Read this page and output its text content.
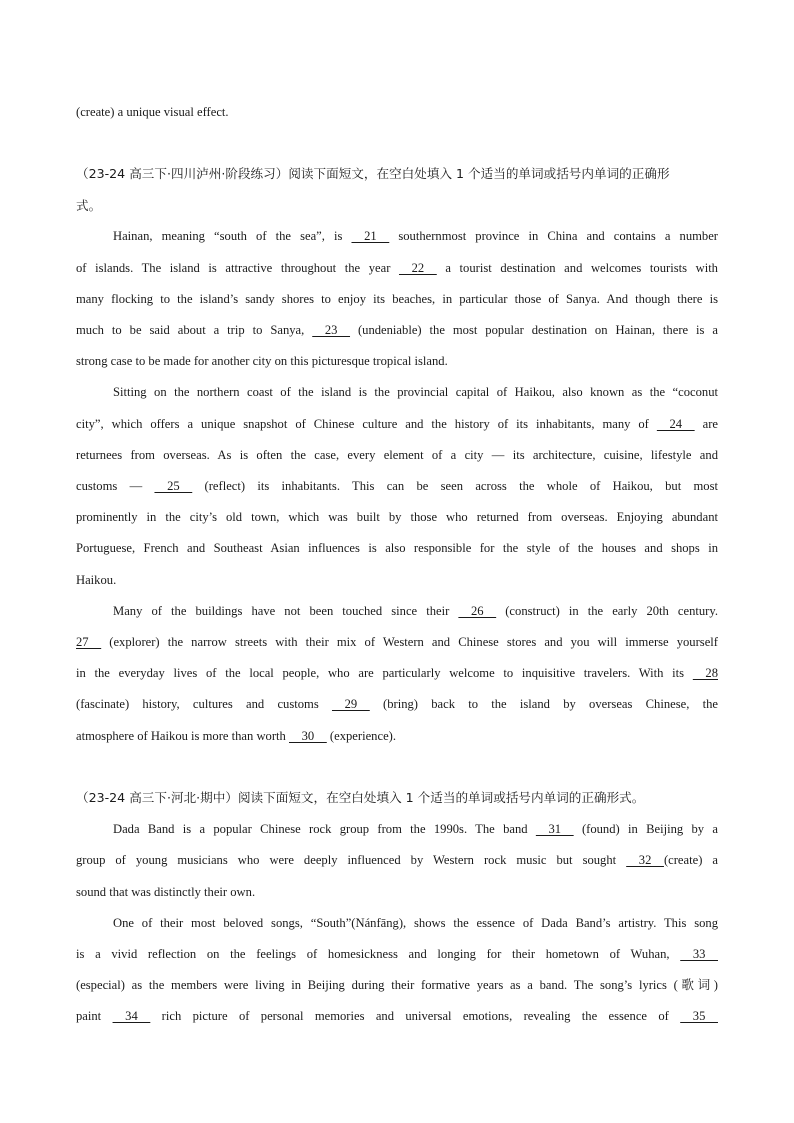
(create) a unique visual effect.
（23-24 高三下·四川泸州·阶段练习）阅读下面短文，在空白处填入 1 个适当的单词或括号内单词的正确形
式。
Hainan, meaning “south of the sea”, is     21     southernmost province in China and contains a number
of islands. The island is attractive throughout the year     22     a tourist destination and welcomes tourists with
many flocking to the island’s sandy shores to enjoy its beaches, in particular those of Sanya. And though there is
much to be said about a trip to Sanya,     23     (undeniable) the most popular destination on Hainan, there is a
strong case to be made for another city on this picturesque tropical island.
Sitting on the northern coast of the island is the provincial capital of Haikou, also known as the “coconut
city”, which offers a unique snapshot of Chinese culture and the history of its inhabitants, many of     24     are
returnees from overseas. As is often the case, every element of a city — its architecture, cuisine, lifestyle and
customs —     25     (reflect) its inhabitants. This can be seen across the whole of Haikou, but most
prominently in the city’s old town, which was built by those who returned from overseas. Enjoying abundant
Portuguese, French and Southeast Asian influences is also responsible for the style of the houses and shops in
Haikou.
Many of the buildings have not been touched since their     26     (construct) in the early 20th century.
27     (explorer) the narrow streets with their mix of Western and Chinese stores and you will immerse yourself
in the everyday lives of the local people, who are particularly welcome to inquisitive travelers. With its     28
(fascinate) history, cultures and customs     29     (bring) back to the island by overseas Chinese, the
atmosphere of Haikou is more than worth     30     (experience).
（23-24 高三下·河北·期中）阅读下面短文，在空白处填入 1 个适当的单词或括号内单词的正确形式。
Dada Band is a popular Chinese rock group from the 1990s. The band     31     (found) in Beijing by a
group of young musicians who were deeply influenced by Western rock music but sought     32    (create) a
sound that was distinctly their own.
One of their most beloved songs, “South”(Nánfāng), shows the essence of Dada Band’s artistry. This song
is a vivid reflection on the feelings of homesickness and longing for their hometown of Wuhan,     33
(especial) as the members were living in Beijing during their formative years as a band. The song’s lyrics (歌词)
paint     34     rich picture of personal memories and universal emotions, revealing the essence of     35
